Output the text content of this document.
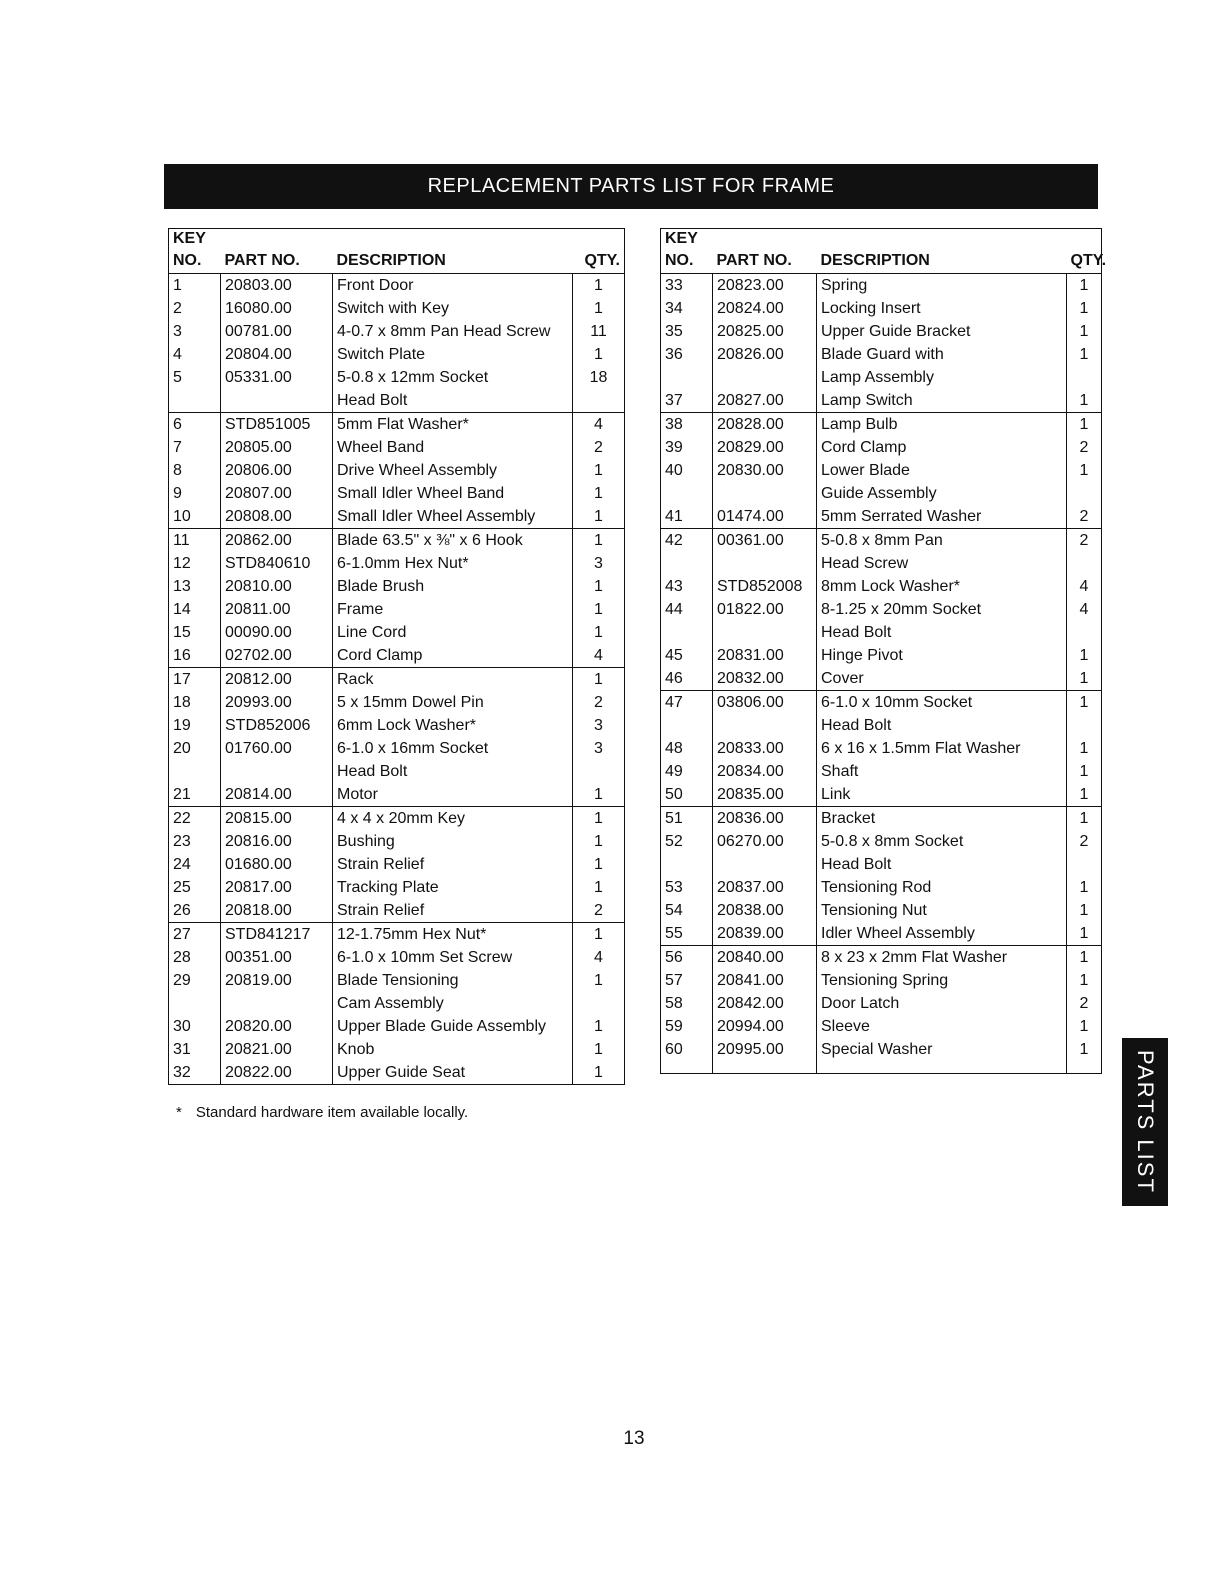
REPLACEMENT PARTS LIST FOR FRAME
KEY			
NO.	PART NO.	DESCRIPTION	QTY.
1	20803.00	Front Door	1
2	16080.00	Switch with Key	1
3	00781.00	4-0.7 x 8mm Pan Head Screw	11
4	20804.00	Switch Plate	1
5	05331.00	5-0.8 x 12mm Socket	18
		Head Bolt	
6	STD851005	5mm Flat Washer*	4
7	20805.00	Wheel Band	2
8	20806.00	Drive Wheel Assembly	1
9	20807.00	Small Idler Wheel Band	1
10	20808.00	Small Idler Wheel Assembly	1
11	20862.00	Blade 63.5" x ⅜" x 6 Hook	1
12	STD840610	6-1.0mm Hex Nut*	3
13	20810.00	Blade Brush	1
14	20811.00	Frame	1
15	00090.00	Line Cord	1
16	02702.00	Cord Clamp	4
17	20812.00	Rack	1
18	20993.00	5 x 15mm Dowel Pin	2
19	STD852006	6mm Lock Washer*	3
20	01760.00	6-1.0 x 16mm Socket	3
		Head Bolt	
21	20814.00	Motor	1
22	20815.00	4 x 4 x 20mm Key	1
23	20816.00	Bushing	1
24	01680.00	Strain Relief	1
25	20817.00	Tracking Plate	1
26	20818.00	Strain Relief	2
27	STD841217	12-1.75mm Hex Nut*	1
28	00351.00	6-1.0 x 10mm Set Screw	4
29	20819.00	Blade Tensioning	1
		Cam Assembly	
30	20820.00	Upper Blade Guide Assembly	1
31	20821.00	Knob	1
32	20822.00	Upper Guide Seat	1
KEY			
NO.	PART NO.	DESCRIPTION	QTY.
33	20823.00	Spring	1
34	20824.00	Locking Insert	1
35	20825.00	Upper Guide Bracket	1
36	20826.00	Blade Guard with	1
		Lamp Assembly	
37	20827.00	Lamp Switch	1
38	20828.00	Lamp Bulb	1
39	20829.00	Cord Clamp	2
40	20830.00	Lower Blade	1
		Guide Assembly	
41	01474.00	5mm Serrated Washer	2
42	00361.00	5-0.8 x 8mm Pan	2
		Head Screw	
43	STD852008	8mm Lock Washer*	4
44	01822.00	8-1.25 x 20mm Socket	4
		Head Bolt	
45	20831.00	Hinge Pivot	1
46	20832.00	Cover	1
47	03806.00	6-1.0 x 10mm Socket	1
		Head Bolt	
48	20833.00	6 x 16 x 1.5mm Flat Washer	1
49	20834.00	Shaft	1
50	20835.00	Link	1
51	20836.00	Bracket	1
52	06270.00	5-0.8 x 8mm Socket	2
		Head Bolt	
53	20837.00	Tensioning Rod	1
54	20838.00	Tensioning Nut	1
55	20839.00	Idler Wheel Assembly	1
56	20840.00	8 x 23 x 2mm Flat Washer	1
57	20841.00	Tensioning Spring	1
58	20842.00	Door Latch	2
59	20994.00	Sleeve	1
60	20995.00	Special Washer	1

* Standard hardware item available locally.
13
PARTS LIST
